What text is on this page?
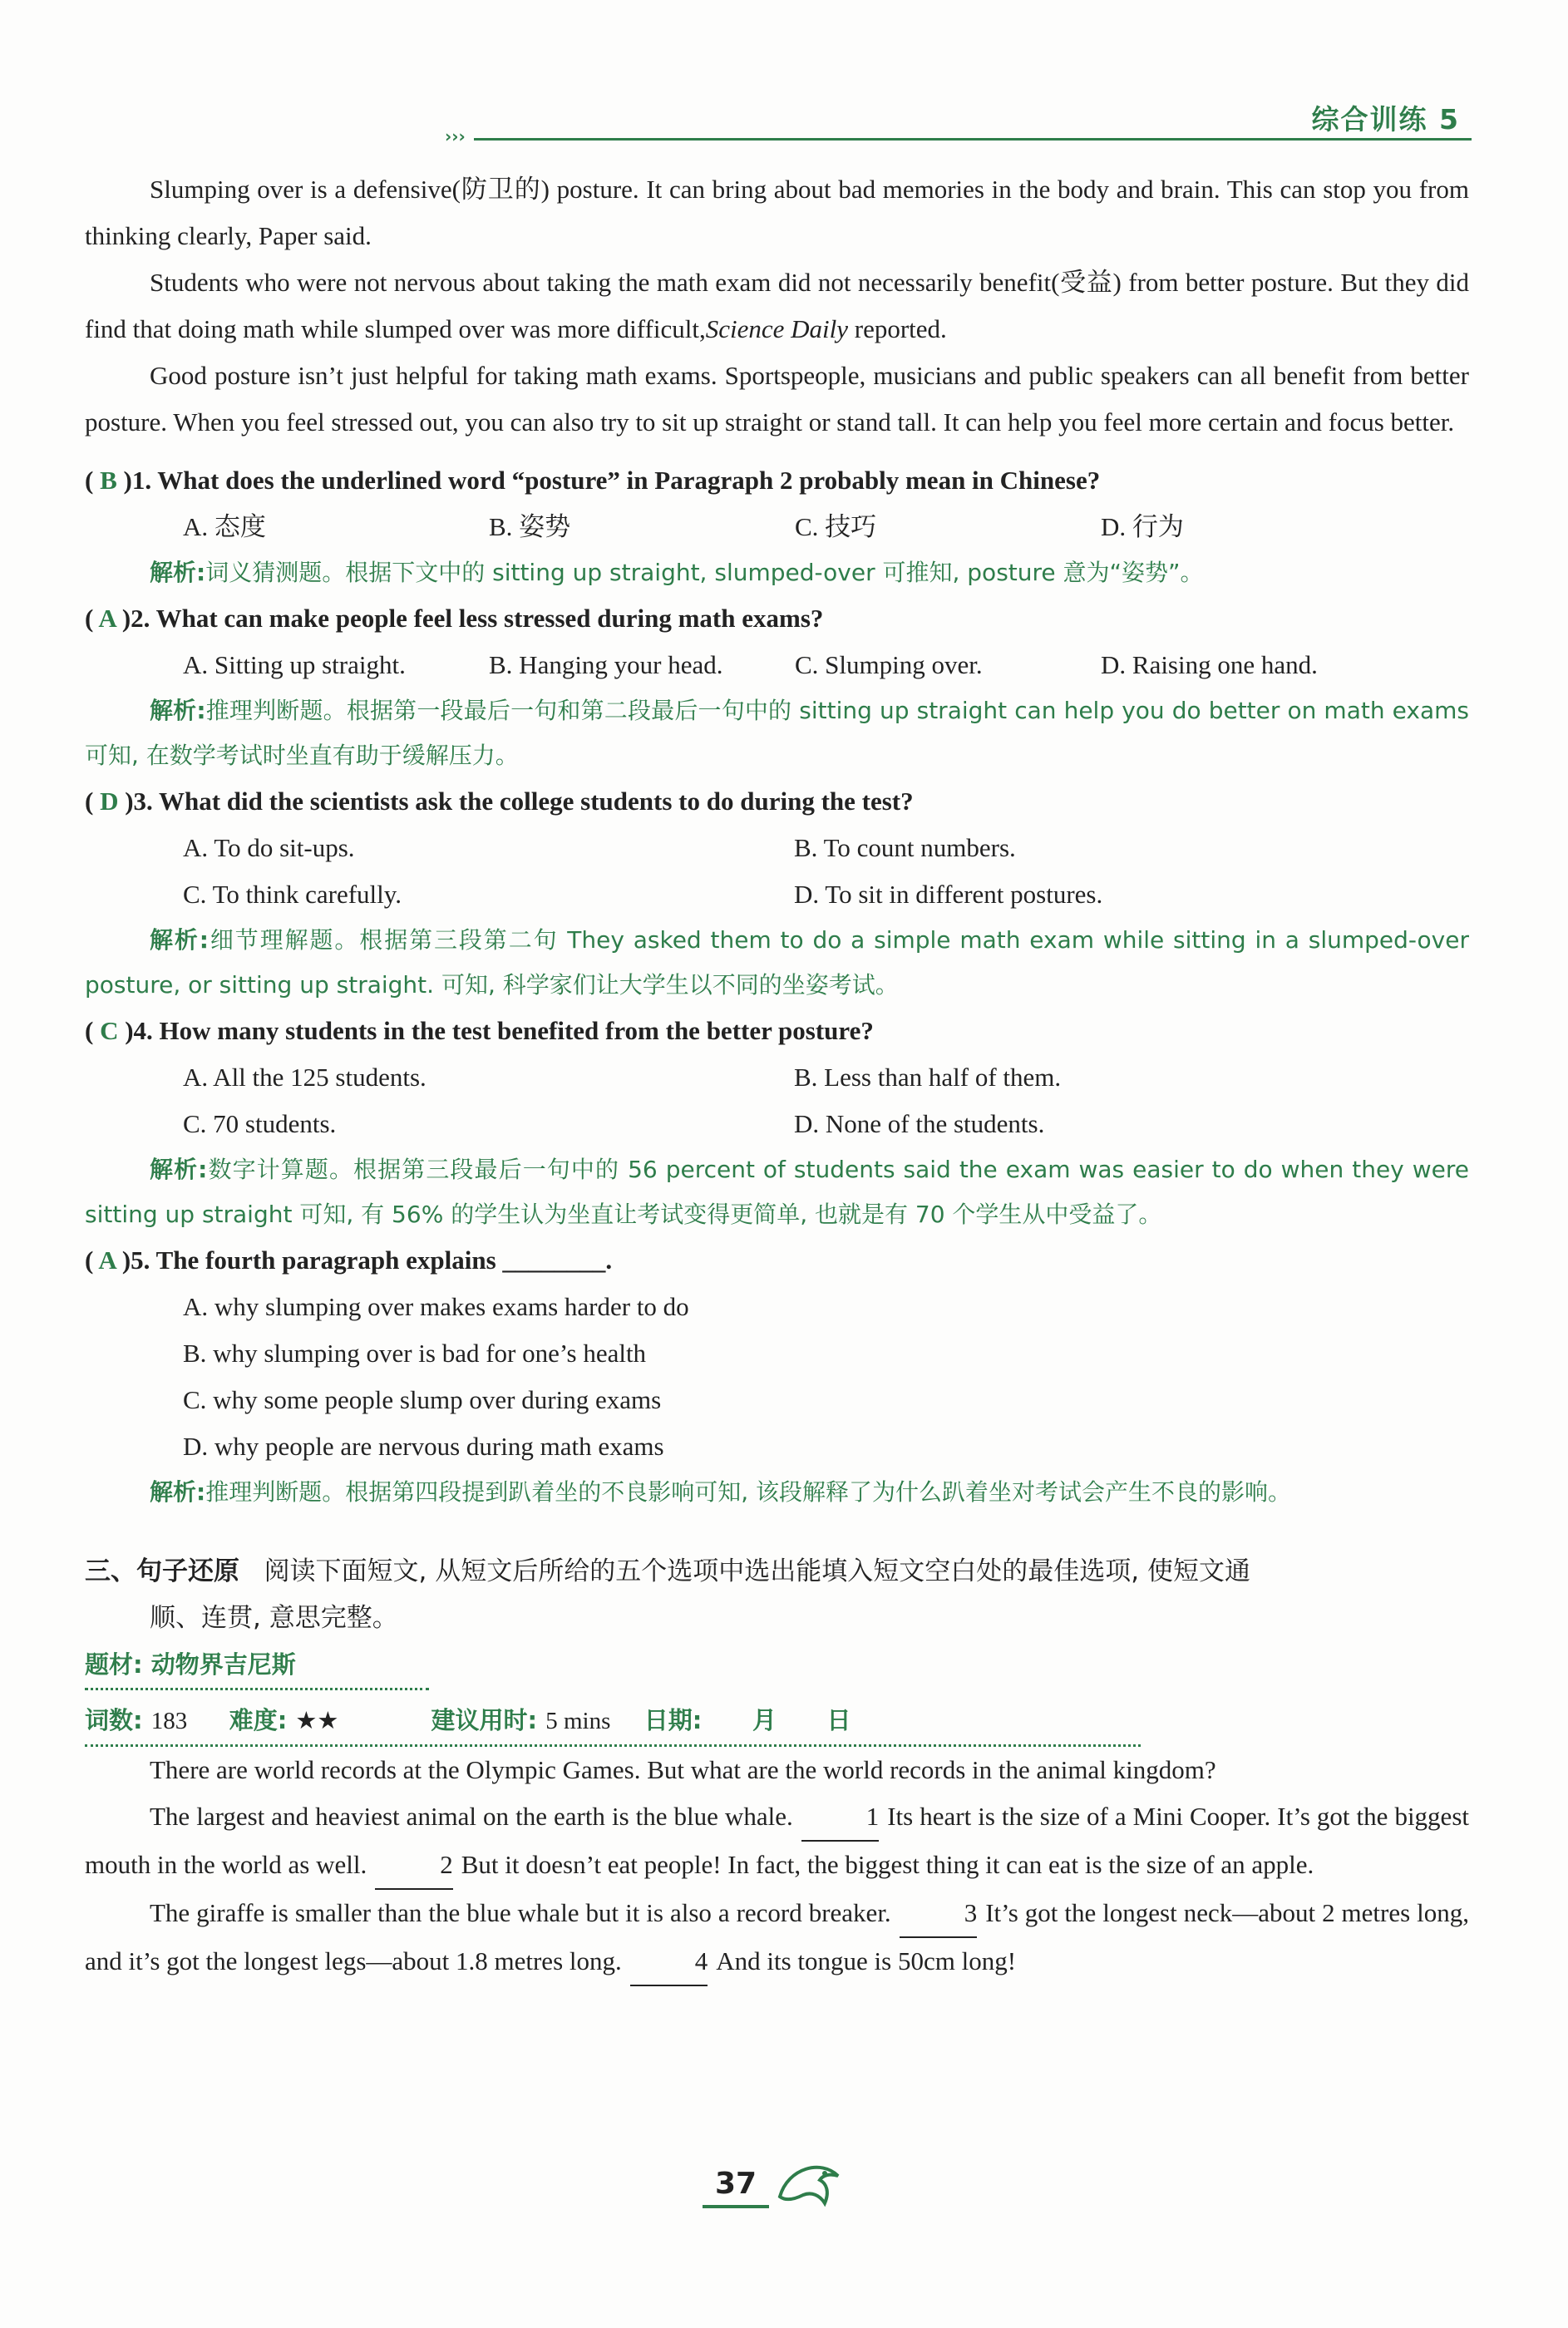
综合训练 5
›››

Slumping over is a defensive(防卫的) posture. It can bring about bad memories in the body and brain. This can stop you from thinking clearly, Paper said.

Students who were not nervous about taking the math exam did not necessarily benefit(受益) from better posture. But they did find that doing math while slumped over was more difficult,Science Daily reported.

Good posture isn’t just helpful for taking math exams. Sportspeople, musicians and public speakers can all benefit from better posture. When you feel stressed out, you can also try to sit up straight or stand tall. It can help you feel more certain and focus better.

( B )1. What does the underlined word “posture” in Paragraph 2 probably mean in Chinese?

A. 态度	B. 姿势	C. 技巧	D. 行为

解析:词义猜测题。根据下文中的 sitting up straight, slumped-over 可推知, posture 意为“姿势”。

( A )2. What can make people feel less stressed during math exams?

A. Sitting up straight.	B. Hanging your head.	C. Slumping over.	D. Raising one hand.

解析:推理判断题。根据第一段最后一句和第二段最后一句中的 sitting up straight can help you do better on math exams 可知, 在数学考试时坐直有助于缓解压力。

( D )3. What did the scientists ask the college students to do during the test?

A. To do sit-ups.	B. To count numbers.
C. To think carefully.	D. To sit in different postures.

解析:细节理解题。根据第三段第二句 They asked them to do a simple math exam while sitting in a slumped-over posture, or sitting up straight. 可知, 科学家们让大学生以不同的坐姿考试。

( C )4. How many students in the test benefited from the better posture?

A. All the 125 students.	B. Less than half of them.
C. 70 students.	D. None of the students.

解析:数字计算题。根据第三段最后一句中的 56 percent of students said the exam was easier to do when they were sitting up straight 可知, 有 56% 的学生认为坐直让考试变得更简单, 也就是有 70 个学生从中受益了。

( A )5. The fourth paragraph explains ________.

A. why slumping over makes exams harder to do

B. why slumping over is bad for one’s health

C. why some people slump over during exams

D. why people are nervous during math exams

解析:推理判断题。根据第四段提到趴着坐的不良影响可知, 该段解释了为什么趴着坐对考试会产生不良的影响。

三、句子还原 阅读下面短文, 从短文后所给的五个选项中选出能填入短文空白处的最佳选项, 使短文通

顺、连贯, 意思完整。

题材: 动物界吉尼斯

词数: 183 难度: ★★	建议用时: 5 mins 日期: 月 日

There are world records at the Olympic Games. But what are the world records in the animal kingdom?

The largest and heaviest animal on the earth is the blue whale.	1 Its heart is the size of a Mini Cooper. It’s got the biggest mouth in the world as well.	2 But it doesn’t eat people! In fact, the biggest thing it can eat is the size of an apple.

The giraffe is smaller than the blue whale but it is also a record breaker.	3 It’s got the longest neck—about 2 metres long, and it’s got the longest legs—about 1.8 metres long.	4 And its tongue is 50cm long!

37
